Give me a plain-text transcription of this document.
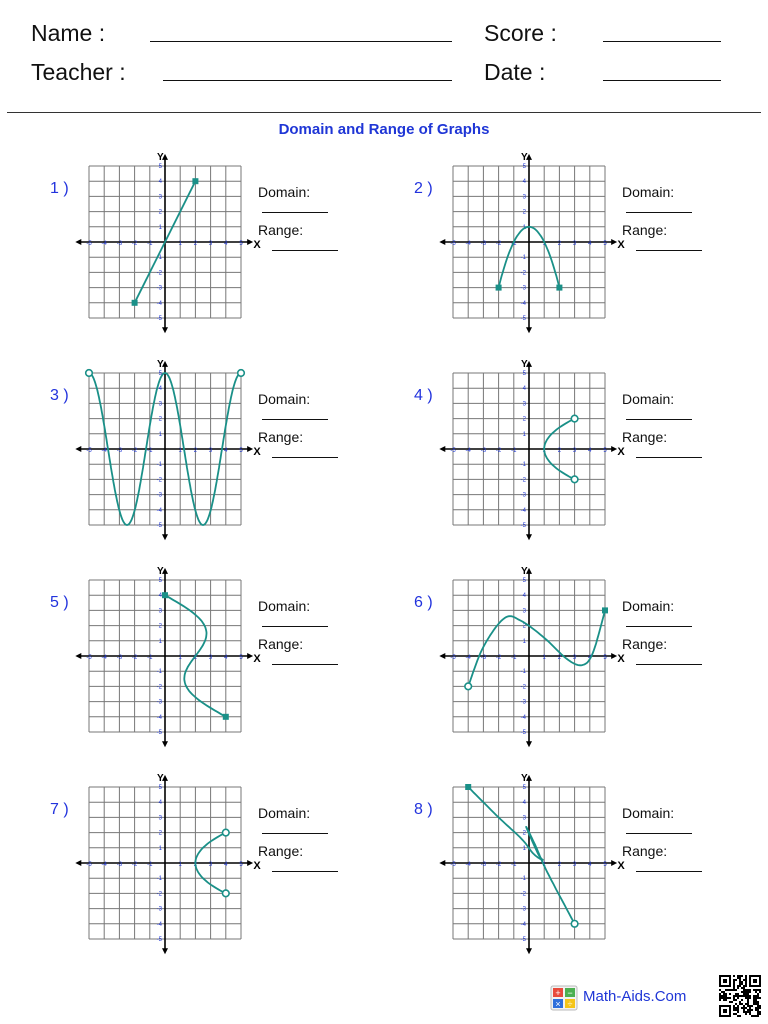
Name :
Teacher :
Score :
Date :
Domain and Range of Graphs
1 )
-5
-5
-4
-4
-3
-3
-2
-2
-1
-1
1
1
2
2
3
3
4
4
5
5
X
Y
Domain:
Range:
2 )
-5
-5
-4
-4
-3
-3
-2
-2
-1
-1
1
1
2
2
3
3
4
4
5
5
X
Y
Domain:
Range:
3 )
-5
-5
-4
-4
-3
-3
-2
-2
-1
-1
1
1
2
2
3
3
4
4
5
5
X
Y
Domain:
Range:
4 )
-5
-5
-4
-4
-3
-3
-2
-2
-1
-1
1
1
2
2
3
3
4
4
5
5
X
Y
Domain:
Range:
5 )
-5
-5
-4
-4
-3
-3
-2
-2
-1
-1
1
1
2
2
3
3
4
4
5
5
X
Y
Domain:
Range:
6 )
-5
-5
-4
-4
-3
-3
-2
-2
-1
-1
1
1
2
2
3
3
4
4
5
5
X
Y
Domain:
Range:
7 )
-5
-5
-4
-4
-3
-3
-2
-2
-1
-1
1
1
2
2
3
3
4
4
5
5
X
Y
Domain:
Range:
8 )
-5
-5
-4
-4
-3
-3
-2
-2
-1
-1
1
1
2
2
3
3
4
4
5
5
X
Y
Domain:
Range:
+ −
× ÷ Math-Aids.Com
